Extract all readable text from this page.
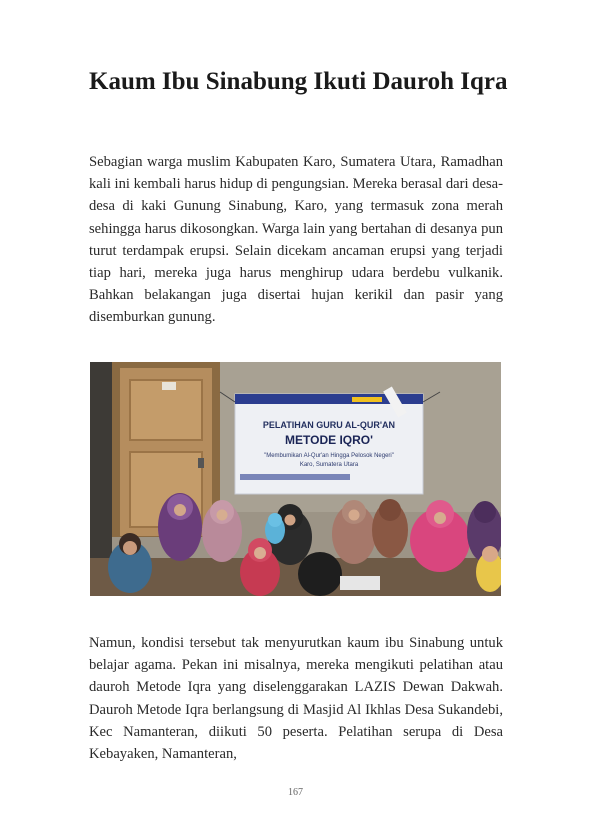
Kaum Ibu Sinabung Ikuti Dauroh Iqra

Sebagian warga muslim Kabupaten Karo, Sumatera Utara, Ramadhan kali ini kembali harus hidup di pengungsian. Mereka berasal dari desa-desa di kaki Gunung Sinabung, Karo, yang termasuk zona merah sehingga harus dikosongkan. Warga lain yang bertahan di desanya pun turut terdampak erupsi. Selain dicekam ancaman erupsi yang terjadi tiap hari, mereka juga harus menghirup udara berdebu vulkanik. Bahkan belakangan juga disertai hujan kerikil dan pasir yang disemburkan gunung.

PELATIHAN GURU AL-QUR'AN
METODE IQRO'
"Membumikan Al-Qur'an Hingga Pelosok Negeri"
Karo, Sumatera Utara

Namun, kondisi tersebut tak menyurutkan kaum ibu Sinabung untuk belajar agama. Pekan ini misalnya, mereka mengikuti pelatihan atau dauroh Metode Iqra yang diselenggarakan LAZIS Dewan Dakwah. Dauroh Metode Iqra berlangsung di Masjid Al Ikhlas Desa Sukandebi, Kec Namanteran, diikuti 50 peserta. Pelatihan serupa di Desa Kebayaken, Namanteran,

167
